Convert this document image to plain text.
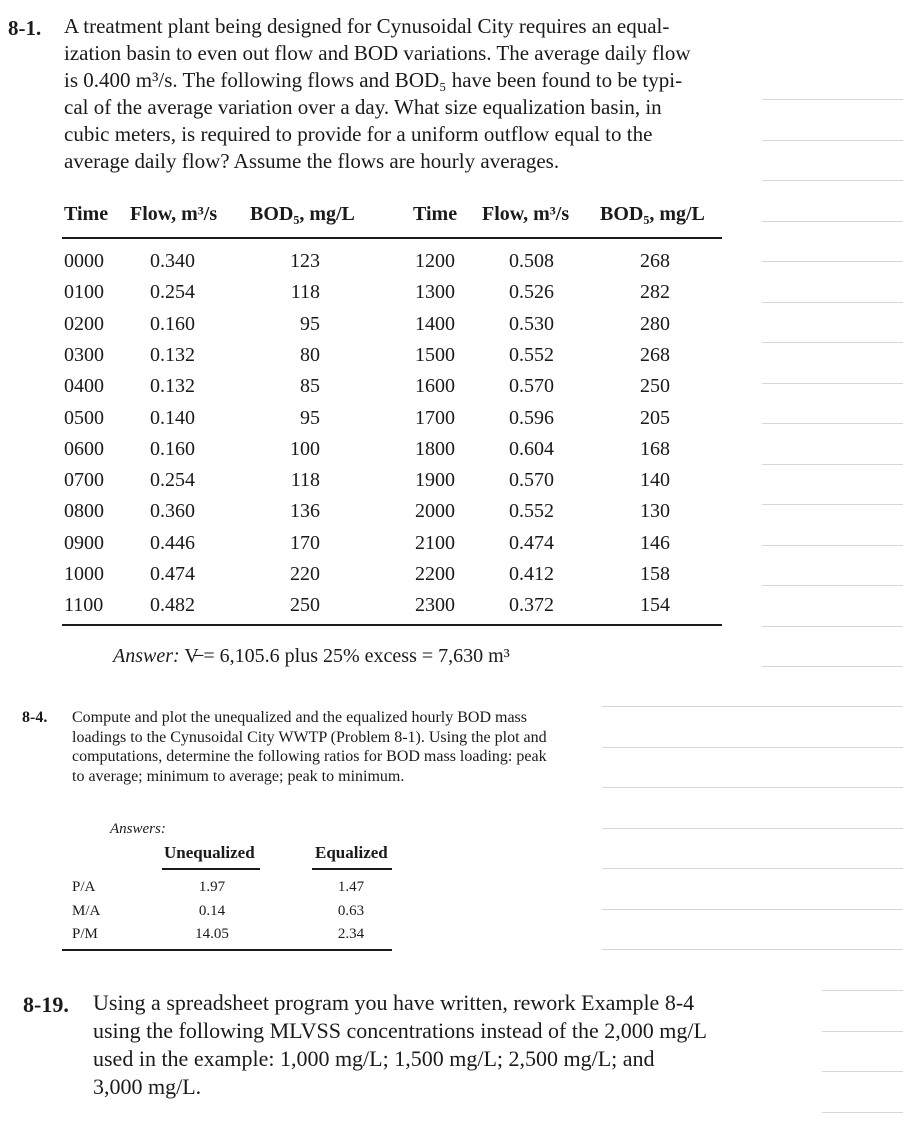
8-1. A treatment plant being designed for Cynusoidal City requires an equal-
ization basin to even out flow and BOD variations. The average daily flow
is 0.400 m³/s. The following flows and BOD₅ have been found to be typi-
cal of the average variation over a day. What size equalization basin, in
cubic meters, is required to provide for a uniform outflow equal to the
average daily flow? Assume the flows are hourly averages.
Time Flow, m³/s BOD₅, mg/L	Time Flow, m³/s BOD₅, mg/L
0000 0.340	123	1200	0.508	268
0100 0.254	118	1300	0.526	282
0200 0.160	95	1400	0.530	280
0300 0.132	80	1500	0.552	268
0400 0.132	85	1600	0.570	250
0500 0.140	95	1700	0.596	205
0600 0.160	100	1800	0.604	168
0700 0.254	118	1900	0.570	140
0800 0.360	136	2000	0.552	130
0900 0.446	170	2100	0.474	146
1000 0.474	220	2200	0.412	158
1100 0.482	250	2300	0.372	154
Answer: V̶ = 6,105.6 plus 25% excess = 7,630 m³
8-4. Compute and plot the unequalized and the equalized hourly BOD mass
loadings to the Cynusoidal City WWTP (Problem 8-1). Using the plot and
computations, determine the following ratios for BOD mass loading: peak
to average; minimum to average; peak to minimum.
Answers:
Unequalized	Equalized
P/A	1.97	1.47
M/A	0.14	0.63
P/M	14.05	2.34
8-19. Using a spreadsheet program you have written, rework Example 8-4
using the following MLVSS concentrations instead of the 2,000 mg/L
used in the example: 1,000 mg/L; 1,500 mg/L; 2,500 mg/L; and
3,000 mg/L.
